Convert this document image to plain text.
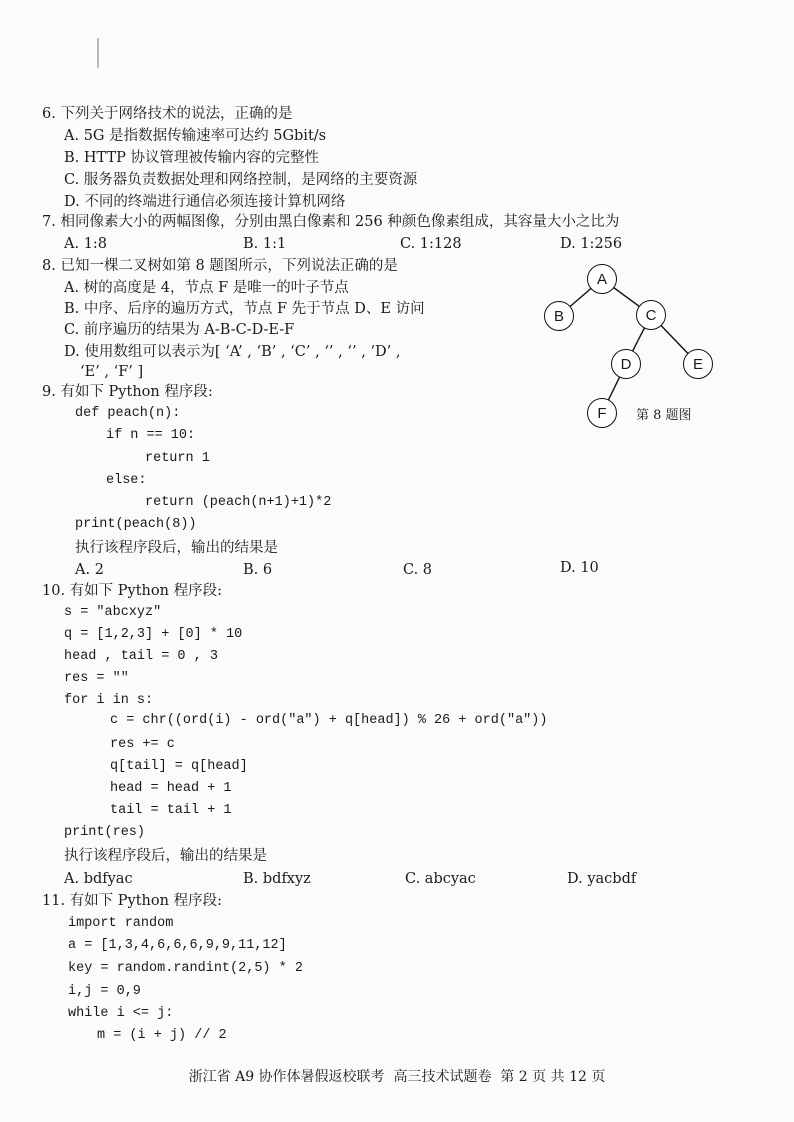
6. 下列关于网络技术的说法，正确的是
A. 5G 是指数据传输速率可达约 5Gbit/s
B. HTTP 协议管理被传输内容的完整性
C. 服务器负责数据处理和网络控制，是网络的主要资源
D. 不同的终端进行通信必须连接计算机网络
7. 相同像素大小的两幅图像，分别由黑白像素和 256 种颜色像素组成，其容量大小之比为
A. 1:8	B. 1:1	C. 1:128	D. 1:256
8. 已知一棵二叉树如第 8 题图所示，下列说法正确的是
A. 树的高度是 4，节点 F 是唯一的叶子节点
B. 中序、后序的遍历方式，节点 F 先于节点 D、E 访问
C. 前序遍历的结果为 A-B-C-D-E-F
D. 使用数组可以表示为[ ‘A’ , ‘B’ , ‘C’ , ‘’ , ‘’ , ‘D’ ,
‘E’ , ‘F’ ]
A
B	C
D	E
F	第 8 题图
9. 有如下 Python 程序段:
def peach(n):
if n == 10:
return 1
else:
return (peach(n+1)+1)*2
print(peach(8))
执行该程序段后，输出的结果是
A. 2	B. 6	C. 8	D. 10
10. 有如下 Python 程序段:
s = "abcxyz"
q = [1,2,3] + [0] * 10
head , tail = 0 , 3
res = ""
for i in s:
c = chr((ord(i) - ord("a") + q[head]) % 26 + ord("a"))
res += c
q[tail] = q[head]
head = head + 1
tail = tail + 1
print(res)
执行该程序段后，输出的结果是
A. bdfyac	B. bdfxyz	C. abcyac	D. yacbdf
11. 有如下 Python 程序段:
import random
a = [1,3,4,6,6,6,9,9,11,12]
key = random.randint(2,5) * 2
i,j = 0,9
while i <= j:
m = (i + j) // 2
浙江省 A9 协作体暑假返校联考  高三技术试题卷  第 2 页 共 12 页
